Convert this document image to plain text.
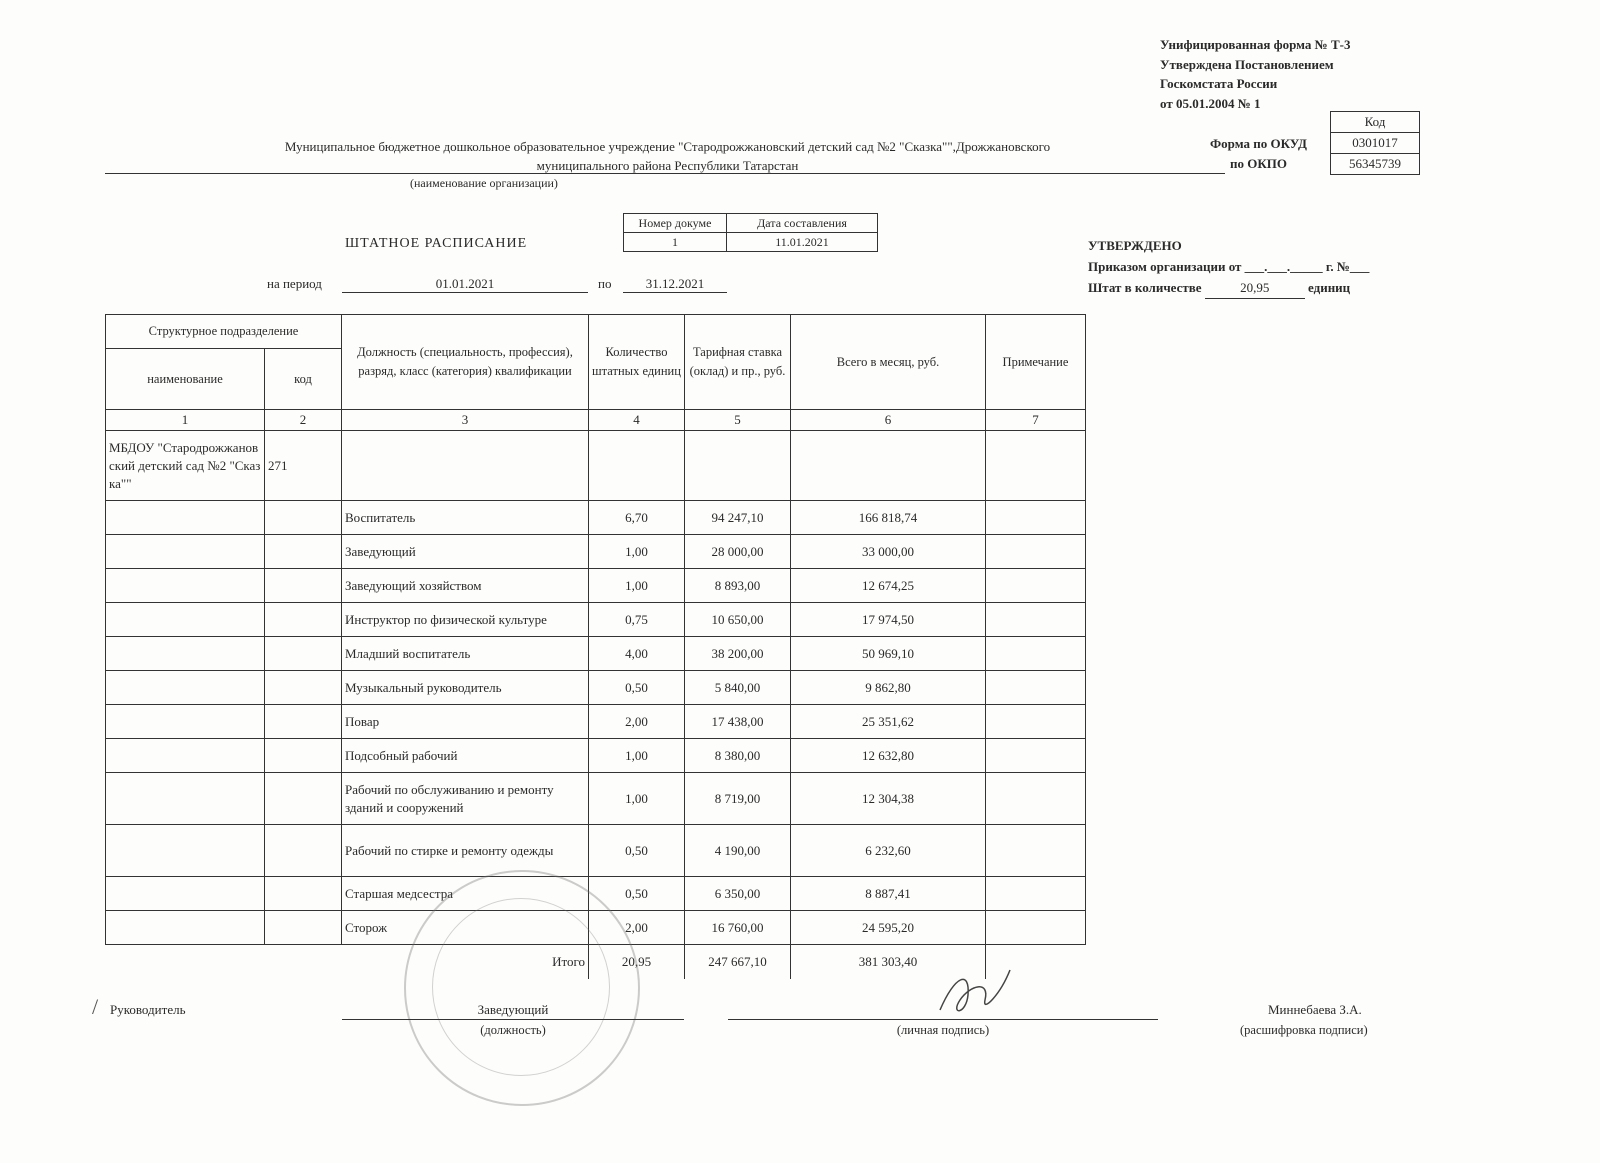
Унифицированная форма № Т-3
Утверждена Постановлением
Госкомстата России
от 05.01.2004 № 1
Код
0301017
56345739
Форма по ОКУД
по ОКПО
Муниципальное бюджетное дошкольное образовательное учреждение "Стародрожжановский детский сад №2 "Сказка"",Дрожжановского
муниципального района Республики Татарстан
(наименование организации)
Номер докуме	Дата составления
1	11.01.2021
ШТАТНОЕ РАСПИСАНИЕ
на период	01.01.2021	по	31.12.2021
УТВЕРЖДЕНО
Приказом организации от ___.___._____ г. №___
Штат в количестве	20,95	единиц
Структурное подразделение		Должность (специальность, профессия), разряд, класс (категория) квалификации	Количество штатных единиц	Тарифная ставка (оклад) и пр., руб.	Всего в месяц, руб.	Примечание
наименование	код					
1	2	3	4	5	6	7
МБДОУ "Стародрожжановский детский сад №2 "Сказка""	271					
		Воспитатель	6,70	94 247,10	166 818,74	
		Заведующий	1,00	28 000,00	33 000,00	
		Заведующий хозяйством	1,00	8 893,00	12 674,25	
		Инструктор по физической культуре	0,75	10 650,00	17 974,50	
		Младший воспитатель	4,00	38 200,00	50 969,10	
		Музыкальный руководитель	0,50	5 840,00	9 862,80	
		Повар	2,00	17 438,00	25 351,62	
		Подсобный рабочий	1,00	8 380,00	12 632,80	
		Рабочий по обслуживанию и ремонту зданий и сооружений	1,00	8 719,00	12 304,38	
		Рабочий по стирке и ремонту одежды	0,50	4 190,00	6 232,60	
		Старшая медсестра	0,50	6 350,00	8 887,41	
		Сторож	2,00	16 760,00	24 595,20	
		Итого	20,95	247 667,10	381 303,40	
/ Руководитель	Заведующий
(должность)	(личная подпись)
Миннебаева З.А.
(расшифровка подписи)
